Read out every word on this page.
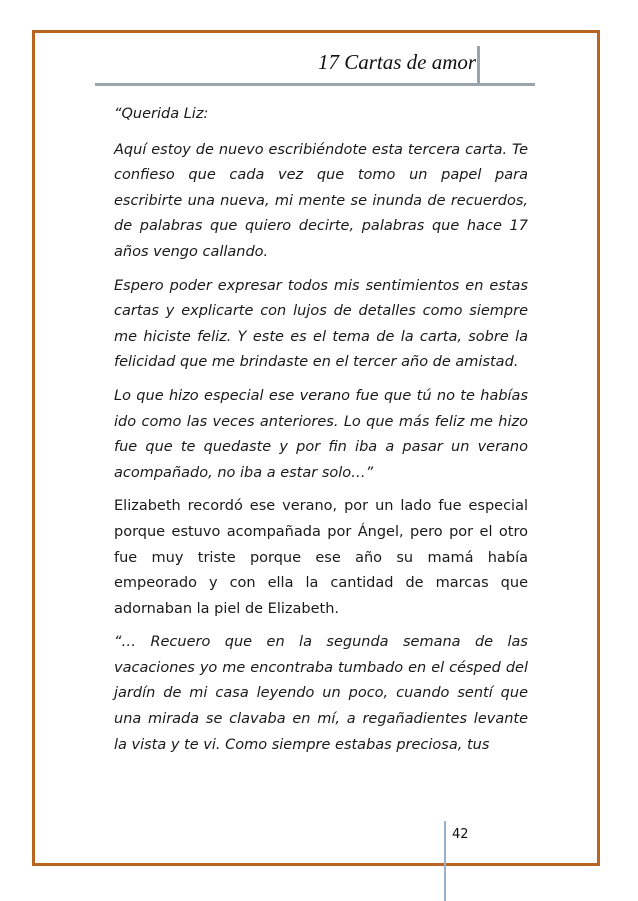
17 Cartas de amor

“Querida Liz:

Aquí estoy de nuevo escribiéndote esta tercera carta. Te confieso que cada vez que tomo un papel para escribirte una nueva, mi mente se inunda de recuerdos, de palabras que quiero decirte, palabras que hace 17 años vengo callando.

Espero poder expresar todos mis sentimientos en estas cartas y explicarte con lujos de detalles como siempre me hiciste feliz. Y este es el tema de la carta, sobre la felicidad que me brindaste en el tercer año de amistad.

Lo que hizo especial ese verano fue que tú no te habías ido como las veces anteriores. Lo que más feliz me hizo fue que te quedaste y por fin iba a pasar un verano acompañado, no iba a estar solo…”

Elizabeth recordó ese verano, por un lado fue especial porque estuvo acompañada por Ángel, pero por el otro fue muy triste porque ese año su mamá había empeorado y con ella la cantidad de marcas que adornaban la piel de Elizabeth.

“… Recuero que en la segunda semana de las vacaciones yo me encontraba tumbado en el césped del jardín de mi casa leyendo un poco, cuando sentí que una mirada se clavaba en mí, a regañadientes levante la vista y te vi. Como siempre estabas preciosa, tus

42
